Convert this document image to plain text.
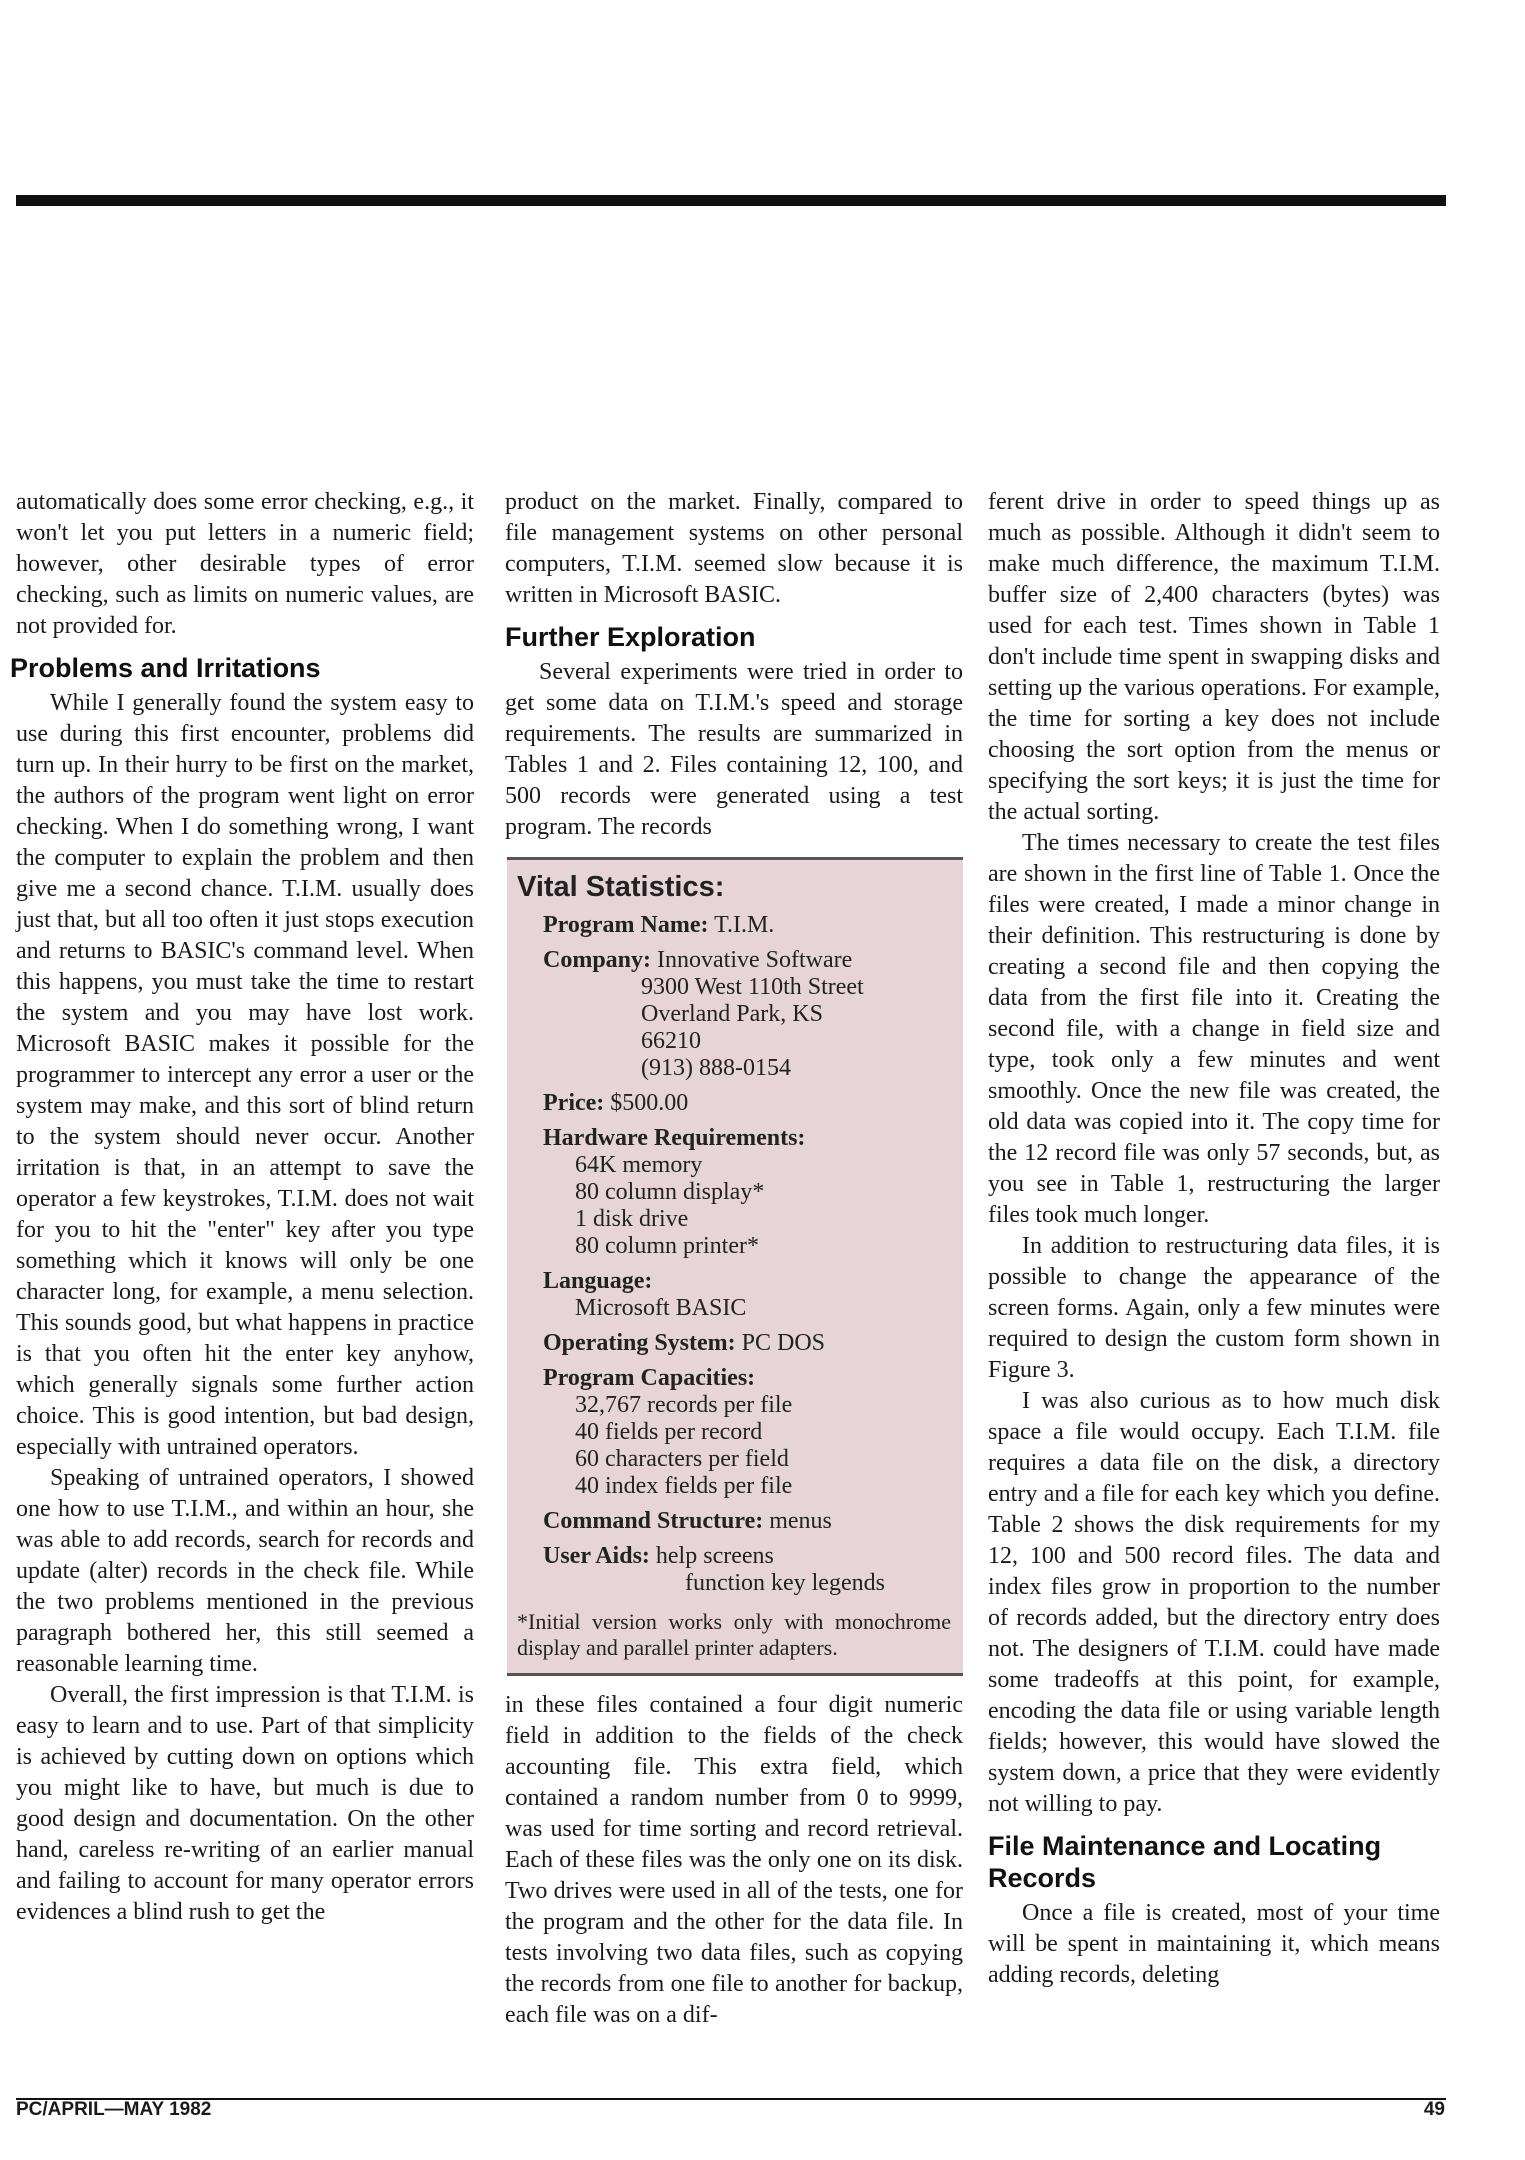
automatically does some error checking, e.g., it won't let you put letters in a numeric field; however, other desirable types of error checking, such as limits on numeric values, are not provided for.

Problems and Irritations

While I generally found the system easy to use during this first encounter, problems did turn up. In their hurry to be first on the market, the authors of the program went light on error checking. When I do something wrong, I want the computer to explain the problem and then give me a second chance. T.I.M. usually does just that, but all too often it just stops execution and returns to BASIC's command level. When this happens, you must take the time to restart the system and you may have lost work. Microsoft BASIC makes it possible for the programmer to intercept any error a user or the system may make, and this sort of blind return to the system should never occur. Another irritation is that, in an attempt to save the operator a few keystrokes, T.I.M. does not wait for you to hit the "enter" key after you type something which it knows will only be one character long, for example, a menu selection. This sounds good, but what happens in practice is that you often hit the enter key anyhow, which generally signals some further action choice. This is good intention, but bad design, especially with untrained operators.

Speaking of untrained operators, I showed one how to use T.I.M., and within an hour, she was able to add records, search for records and update (alter) records in the check file. While the two problems mentioned in the previous paragraph bothered her, this still seemed a reasonable learning time.

Overall, the first impression is that T.I.M. is easy to learn and to use. Part of that simplicity is achieved by cutting down on options which you might like to have, but much is due to good design and documentation. On the other hand, careless re-writing of an earlier manual and failing to account for many operator errors evidences a blind rush to get the

product on the market. Finally, compared to file management systems on other personal computers, T.I.M. seemed slow because it is written in Microsoft BASIC.

Further Exploration

Several experiments were tried in order to get some data on T.I.M.'s speed and storage requirements. The results are summarized in Tables 1 and 2. Files containing 12, 100, and 500 records were generated using a test program. The records

Vital Statistics:
Program Name: T.I.M.
Company: Innovative Software
9300 West 110th Street
Overland Park, KS
66210
(913) 888-0154
Price: $500.00
Hardware Requirements:
64K memory
80 column display*
1 disk drive
80 column printer*
Language:
Microsoft BASIC
Operating System: PC DOS
Program Capacities:
32,767 records per file
40 fields per record
60 characters per field
40 index fields per file
Command Structure: menus
User Aids: help screens
function key legends
*Initial version works only with monochrome display and parallel printer adapters.

in these files contained a four digit numeric field in addition to the fields of the check accounting file. This extra field, which contained a random number from 0 to 9999, was used for time sorting and record retrieval. Each of these files was the only one on its disk. Two drives were used in all of the tests, one for the program and the other for the data file. In tests involving two data files, such as copying the records from one file to another for backup, each file was on a dif-

ferent drive in order to speed things up as much as possible. Although it didn't seem to make much difference, the maximum T.I.M. buffer size of 2,400 characters (bytes) was used for each test. Times shown in Table 1 don't include time spent in swapping disks and setting up the various operations. For example, the time for sorting a key does not include choosing the sort option from the menus or specifying the sort keys; it is just the time for the actual sorting.

The times necessary to create the test files are shown in the first line of Table 1. Once the files were created, I made a minor change in their definition. This restructuring is done by creating a second file and then copying the data from the first file into it. Creating the second file, with a change in field size and type, took only a few minutes and went smoothly. Once the new file was created, the old data was copied into it. The copy time for the 12 record file was only 57 seconds, but, as you see in Table 1, restructuring the larger files took much longer.

In addition to restructuring data files, it is possible to change the appearance of the screen forms. Again, only a few minutes were required to design the custom form shown in Figure 3.

I was also curious as to how much disk space a file would occupy. Each T.I.M. file requires a data file on the disk, a directory entry and a file for each key which you define. Table 2 shows the disk requirements for my 12, 100 and 500 record files. The data and index files grow in proportion to the number of records added, but the directory entry does not. The designers of T.I.M. could have made some tradeoffs at this point, for example, encoding the data file or using variable length fields; however, this would have slowed the system down, a price that they were evidently not willing to pay.

File Maintenance and Locating Records

Once a file is created, most of your time will be spent in maintaining it, which means adding records, deleting

PC/APRIL—MAY 1982	49
